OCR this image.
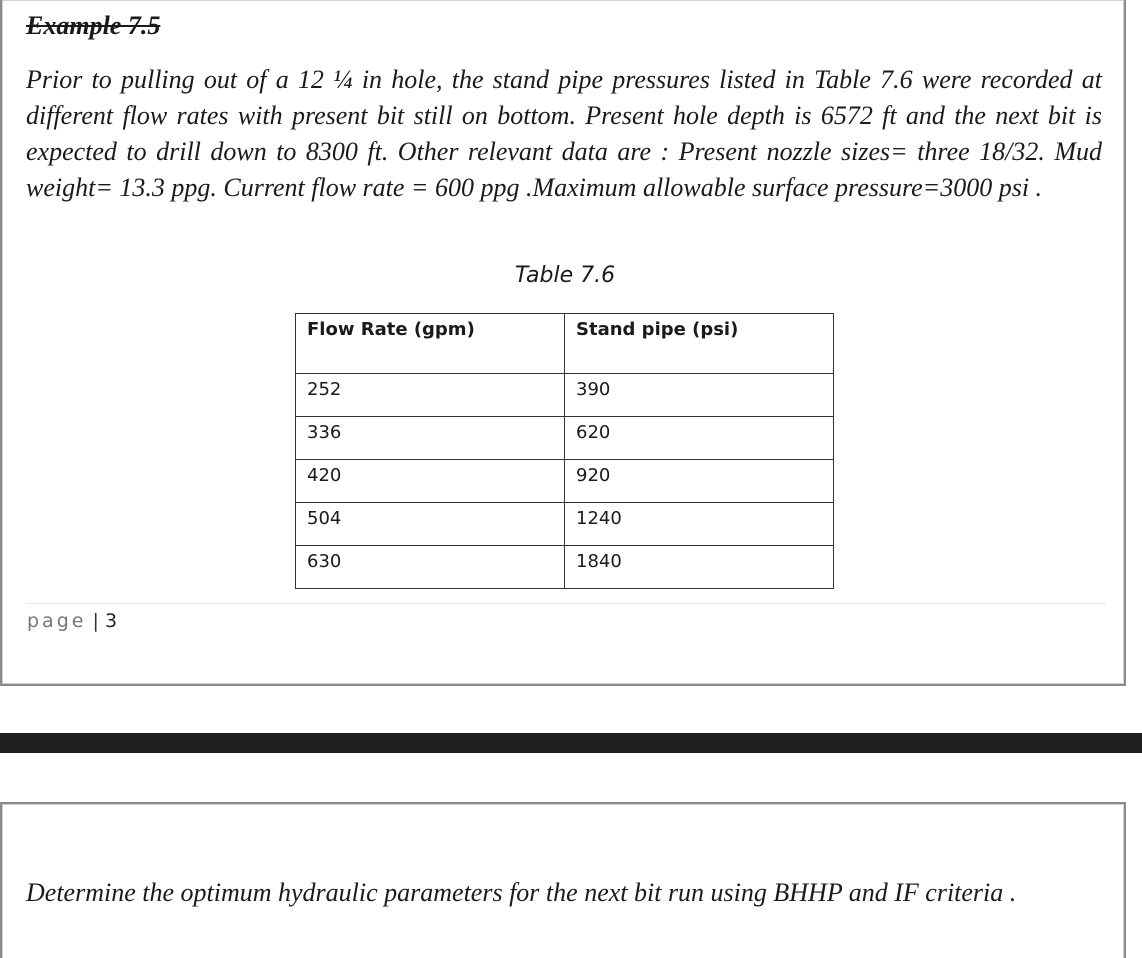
Example 7.5

Prior to pulling out of a 12 ¼ in hole, the stand pipe pressures listed in Table 7.6 were recorded at different flow rates with present bit still on bottom. Present hole depth is 6572 ft and the next bit is expected to drill down to 8300 ft. Other relevant data are : Present nozzle sizes= three 18/32. Mud weight= 13.3 ppg. Current flow rate = 600 ppg .Maximum allowable surface pressure=3000 psi .

Table 7.6

Flow Rate (gpm)	Stand pipe (psi)
252	390
336	620
420	920
504	1240
630	1840

page | 3

Determine the optimum hydraulic parameters for the next bit run using BHHP and IF criteria .
